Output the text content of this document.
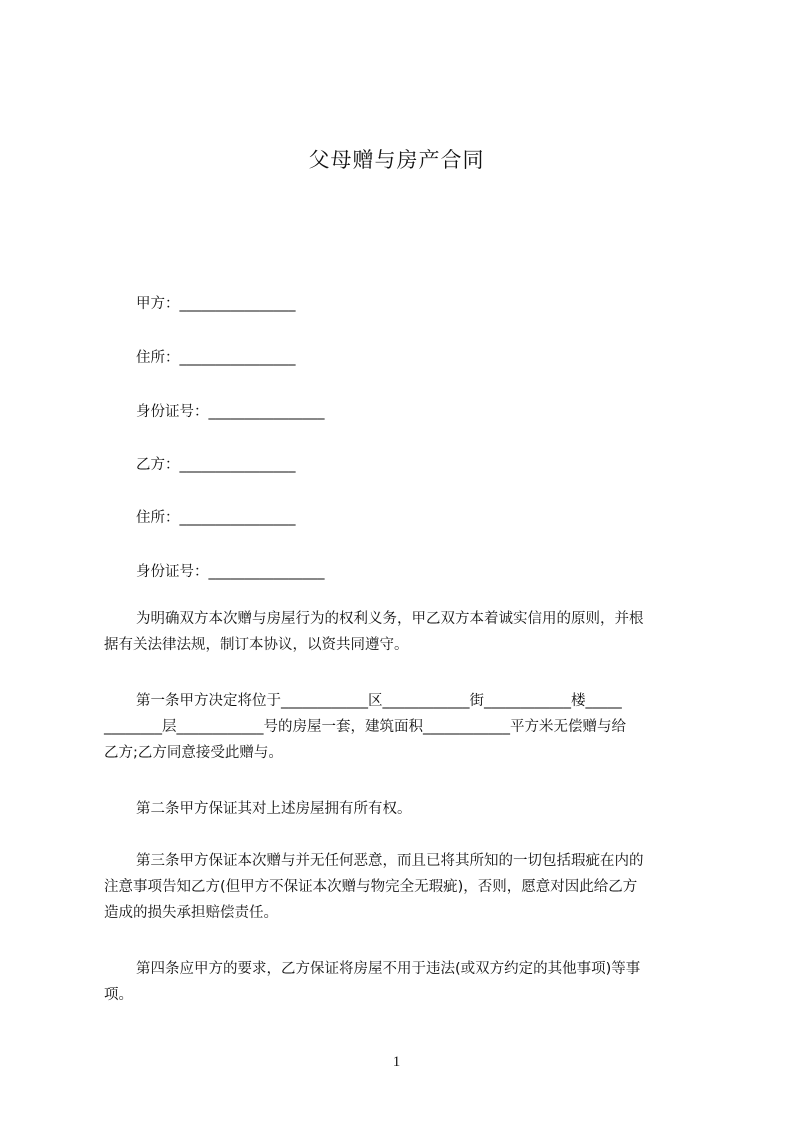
父母赠与房产合同
甲方：________________
住所：________________
身份证号：________________
乙方：________________
住所：________________
身份证号：________________
为明确双方本次赠与房屋行为的权利义务，甲乙双方本着诚实信用的原则，并根
据有关法律法规，制订本协议，以资共同遵守。
第一条甲方决定将位于____________区____________街____________楼_____
________层____________号的房屋一套，建筑面积____________平方米无偿赠与给
乙方;乙方同意接受此赠与。
第二条甲方保证其对上述房屋拥有所有权。
第三条甲方保证本次赠与并无任何恶意，而且已将其所知的一切包括瑕疵在内的
注意事项告知乙方(但甲方不保证本次赠与物完全无瑕疵)，否则，愿意对因此给乙方
造成的损失承担赔偿责任。
第四条应甲方的要求，乙方保证将房屋不用于违法(或双方约定的其他事项)等事
项。
1
